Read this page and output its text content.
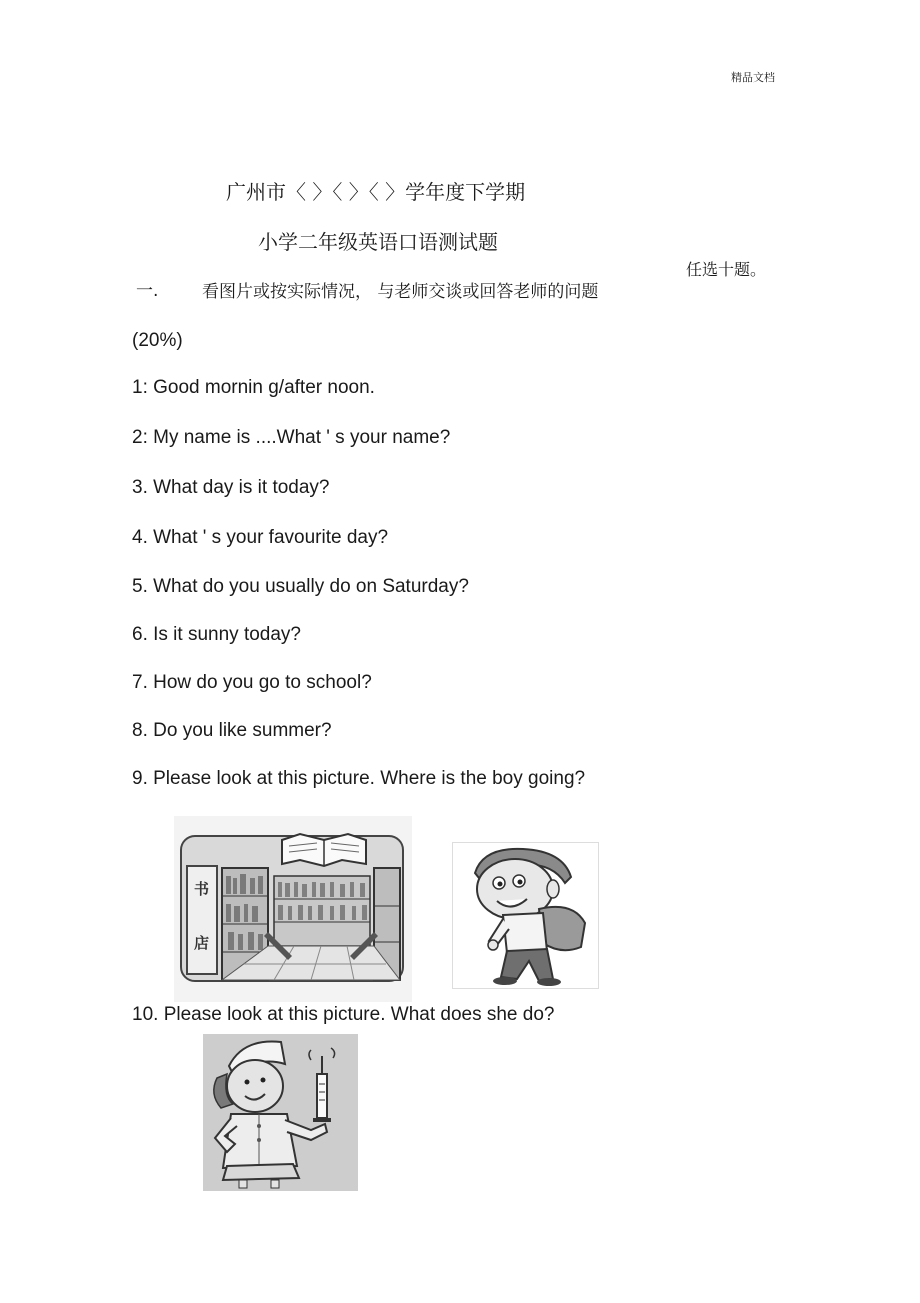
精品文档
广州市〈 〉〈 〉〈 〉学年度下学期
小学二年级英语口语测试题
任选十题。
一.	看图片或按实际情况， 与老师交谈或回答老师的问题
(20%)
1: Good mornin g/after noon.
2: My name is ....What ' s your name?
3. What day is it today?
4. What ' s your favourite day?
5. What do you usually do on Saturday?
6. Is it sunny today?
7. How do you go to school?
8. Do you like summer?
9. Please look at this picture. Where is the boy going?
书
店
10. Please look at this picture. What does she do?
